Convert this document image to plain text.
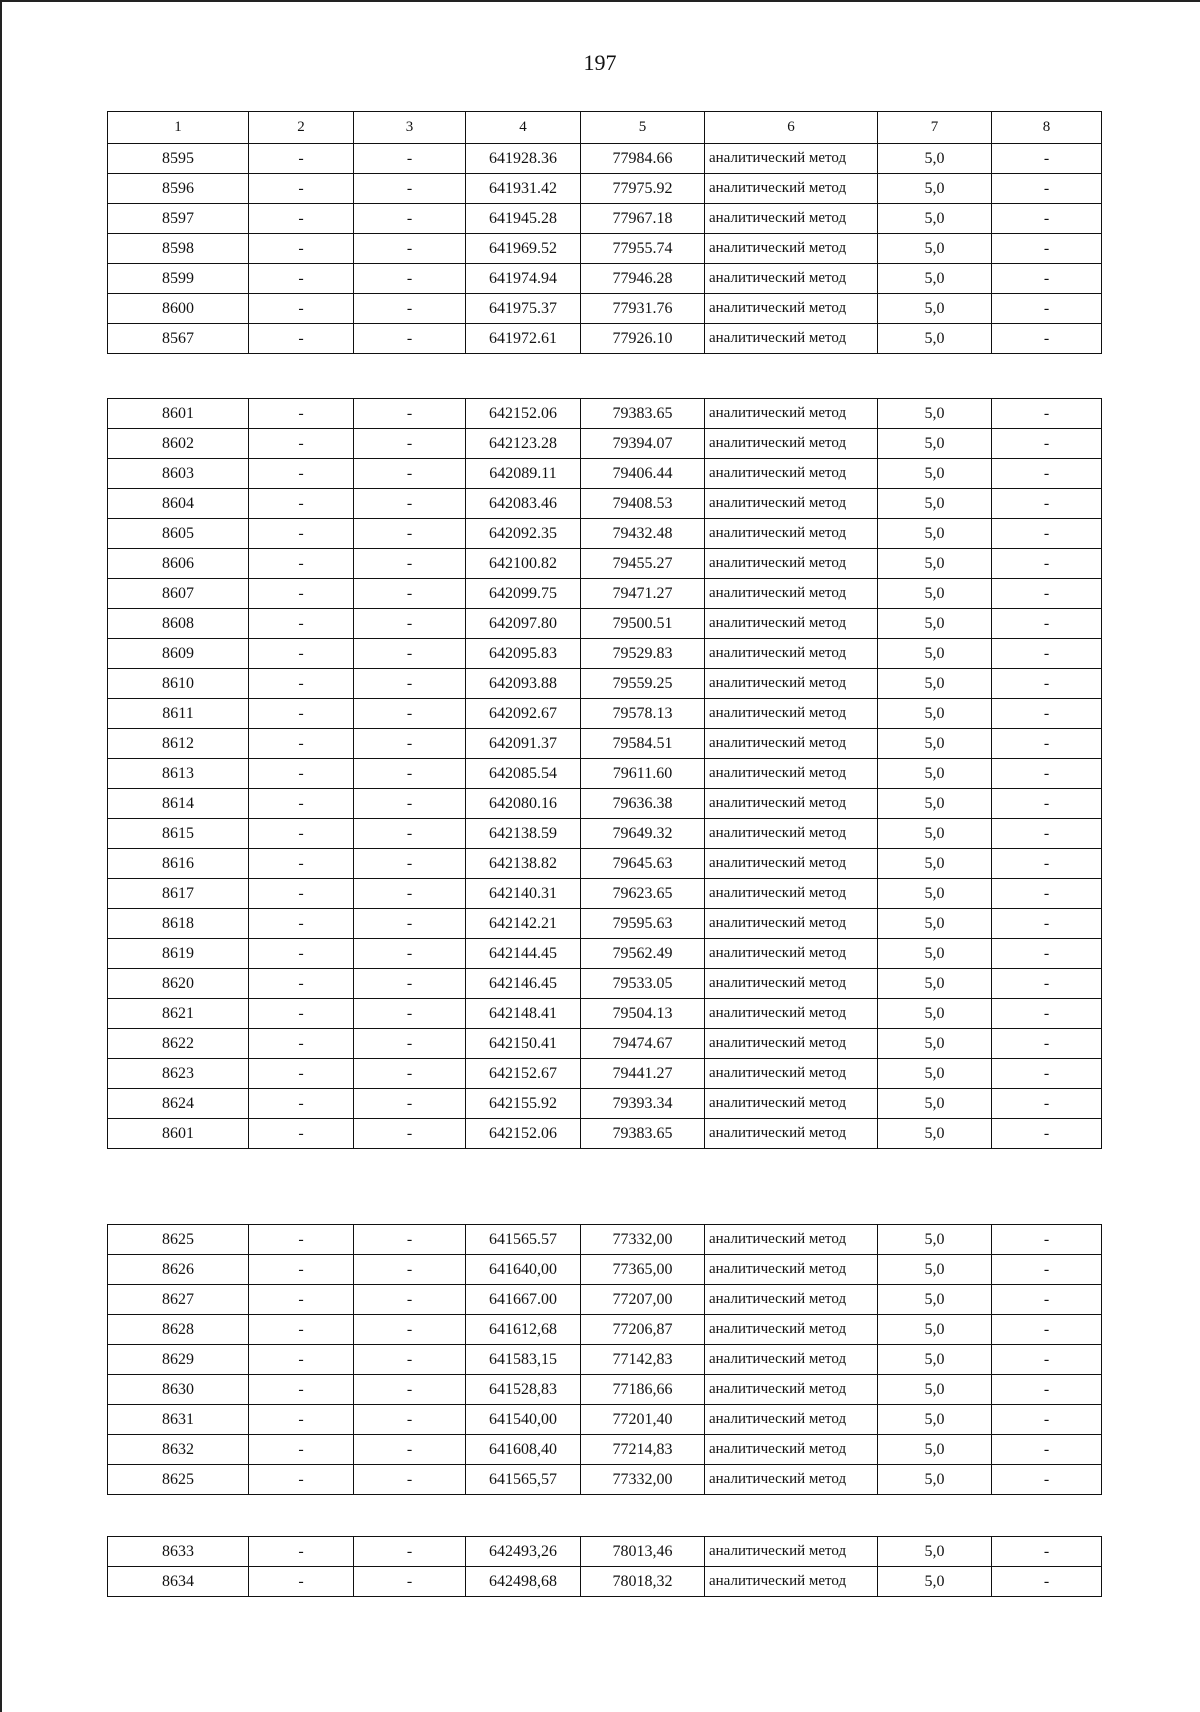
197
1	2	3	4	5	6	7	8
8595	-	-	641928.36	77984.66	аналитический метод	5,0	-
8596	-	-	641931.42	77975.92	аналитический метод	5,0	-
8597	-	-	641945.28	77967.18	аналитический метод	5,0	-
8598	-	-	641969.52	77955.74	аналитический метод	5,0	-
8599	-	-	641974.94	77946.28	аналитический метод	5,0	-
8600	-	-	641975.37	77931.76	аналитический метод	5,0	-
8567	-	-	641972.61	77926.10	аналитический метод	5,0	-
8601	-	-	642152.06	79383.65	аналитический метод	5,0	-
8602	-	-	642123.28	79394.07	аналитический метод	5,0	-
8603	-	-	642089.11	79406.44	аналитический метод	5,0	-
8604	-	-	642083.46	79408.53	аналитический метод	5,0	-
8605	-	-	642092.35	79432.48	аналитический метод	5,0	-
8606	-	-	642100.82	79455.27	аналитический метод	5,0	-
8607	-	-	642099.75	79471.27	аналитический метод	5,0	-
8608	-	-	642097.80	79500.51	аналитический метод	5,0	-
8609	-	-	642095.83	79529.83	аналитический метод	5,0	-
8610	-	-	642093.88	79559.25	аналитический метод	5,0	-
8611	-	-	642092.67	79578.13	аналитический метод	5,0	-
8612	-	-	642091.37	79584.51	аналитический метод	5,0	-
8613	-	-	642085.54	79611.60	аналитический метод	5,0	-
8614	-	-	642080.16	79636.38	аналитический метод	5,0	-
8615	-	-	642138.59	79649.32	аналитический метод	5,0	-
8616	-	-	642138.82	79645.63	аналитический метод	5,0	-
8617	-	-	642140.31	79623.65	аналитический метод	5,0	-
8618	-	-	642142.21	79595.63	аналитический метод	5,0	-
8619	-	-	642144.45	79562.49	аналитический метод	5,0	-
8620	-	-	642146.45	79533.05	аналитический метод	5,0	-
8621	-	-	642148.41	79504.13	аналитический метод	5,0	-
8622	-	-	642150.41	79474.67	аналитический метод	5,0	-
8623	-	-	642152.67	79441.27	аналитический метод	5,0	-
8624	-	-	642155.92	79393.34	аналитический метод	5,0	-
8601	-	-	642152.06	79383.65	аналитический метод	5,0	-
8625	-	-	641565.57	77332,00	аналитический метод	5,0	-
8626	-	-	641640,00	77365,00	аналитический метод	5,0	-
8627	-	-	641667.00	77207,00	аналитический метод	5,0	-
8628	-	-	641612,68	77206,87	аналитический метод	5,0	-
8629	-	-	641583,15	77142,83	аналитический метод	5,0	-
8630	-	-	641528,83	77186,66	аналитический метод	5,0	-
8631	-	-	641540,00	77201,40	аналитический метод	5,0	-
8632	-	-	641608,40	77214,83	аналитический метод	5,0	-
8625	-	-	641565,57	77332,00	аналитический метод	5,0	-
8633	-	-	642493,26	78013,46	аналитический метод	5,0	-
8634	-	-	642498,68	78018,32	аналитический метод	5,0	-
